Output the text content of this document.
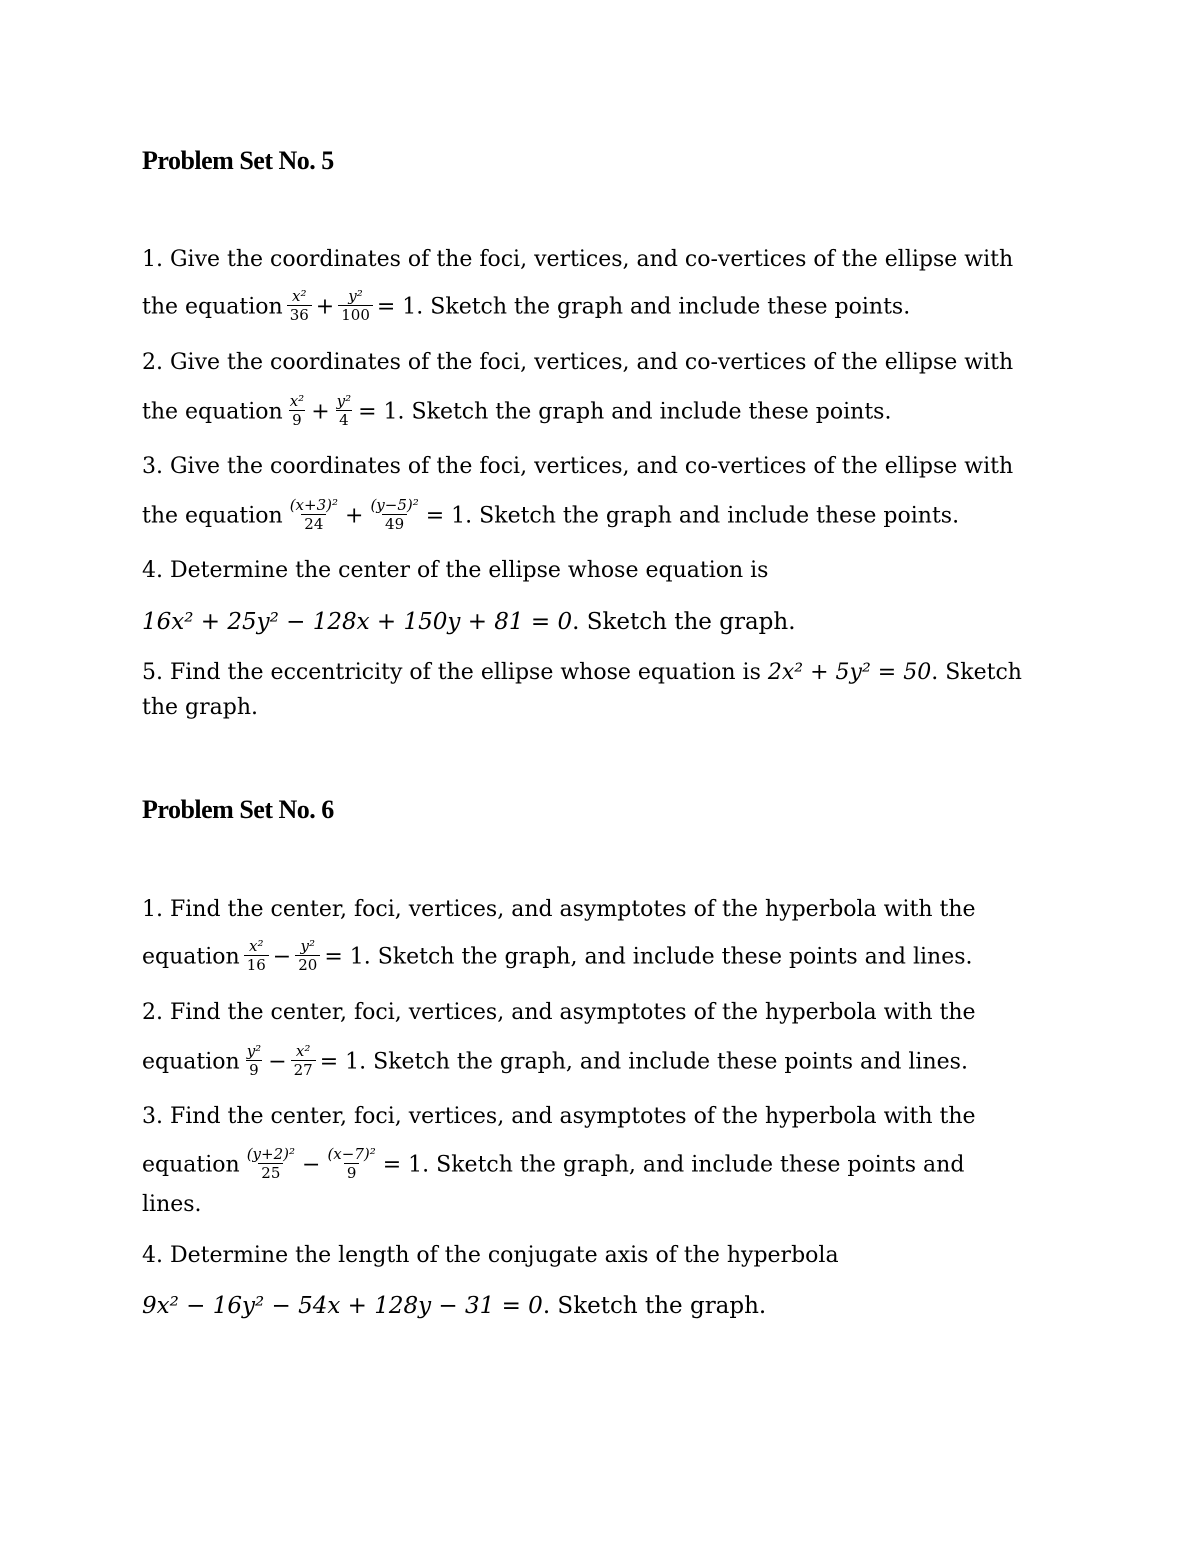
Problem Set No. 5
1. Give the coordinates of the foci, vertices, and co-vertices of the ellipse with
the equation $\frac{\text{x²}}{36} + \frac{\text{y²}}{100} = 1$. Sketch the graph and include these points.
2. Give the coordinates of the foci, vertices, and co-vertices of the ellipse with
the equation $\frac{\text{x²}}{9} + \frac{\text{y²}}{4} = 1$. Sketch the graph and include these points.
3. Give the coordinates of the foci, vertices, and co-vertices of the ellipse with
the equation $\frac{\text{(x+3)²}}{24} + \frac{\text{(y−5)²}}{49} = 1$. Sketch the graph and include these points.
4. Determine the center of the ellipse whose equation is
16x² + 25y² − 128x + 150y + 81 = 0. Sketch the graph.
5. Find the eccentricity of the ellipse whose equation is 2x² + 5y² = 50. Sketch
the graph.
Problem Set No. 6
1. Find the center, foci, vertices, and asymptotes of the hyperbola with the
equation $\frac{\text{x²}}{16} - \frac{\text{y²}}{20} = 1$. Sketch the graph, and include these points and lines.
2. Find the center, foci, vertices, and asymptotes of the hyperbola with the
equation $\frac{\text{y²}}{9} - \frac{\text{x²}}{27} = 1$. Sketch the graph, and include these points and lines.
3. Find the center, foci, vertices, and asymptotes of the hyperbola with the
equation $\frac{\text{(y+2)²}}{25} - \frac{\text{(x−7)²}}{9} = 1$. Sketch the graph, and include these points and
lines.
4. Determine the length of the conjugate axis of the hyperbola
9x² − 16y² − 54x + 128y − 31 = 0. Sketch the graph.
